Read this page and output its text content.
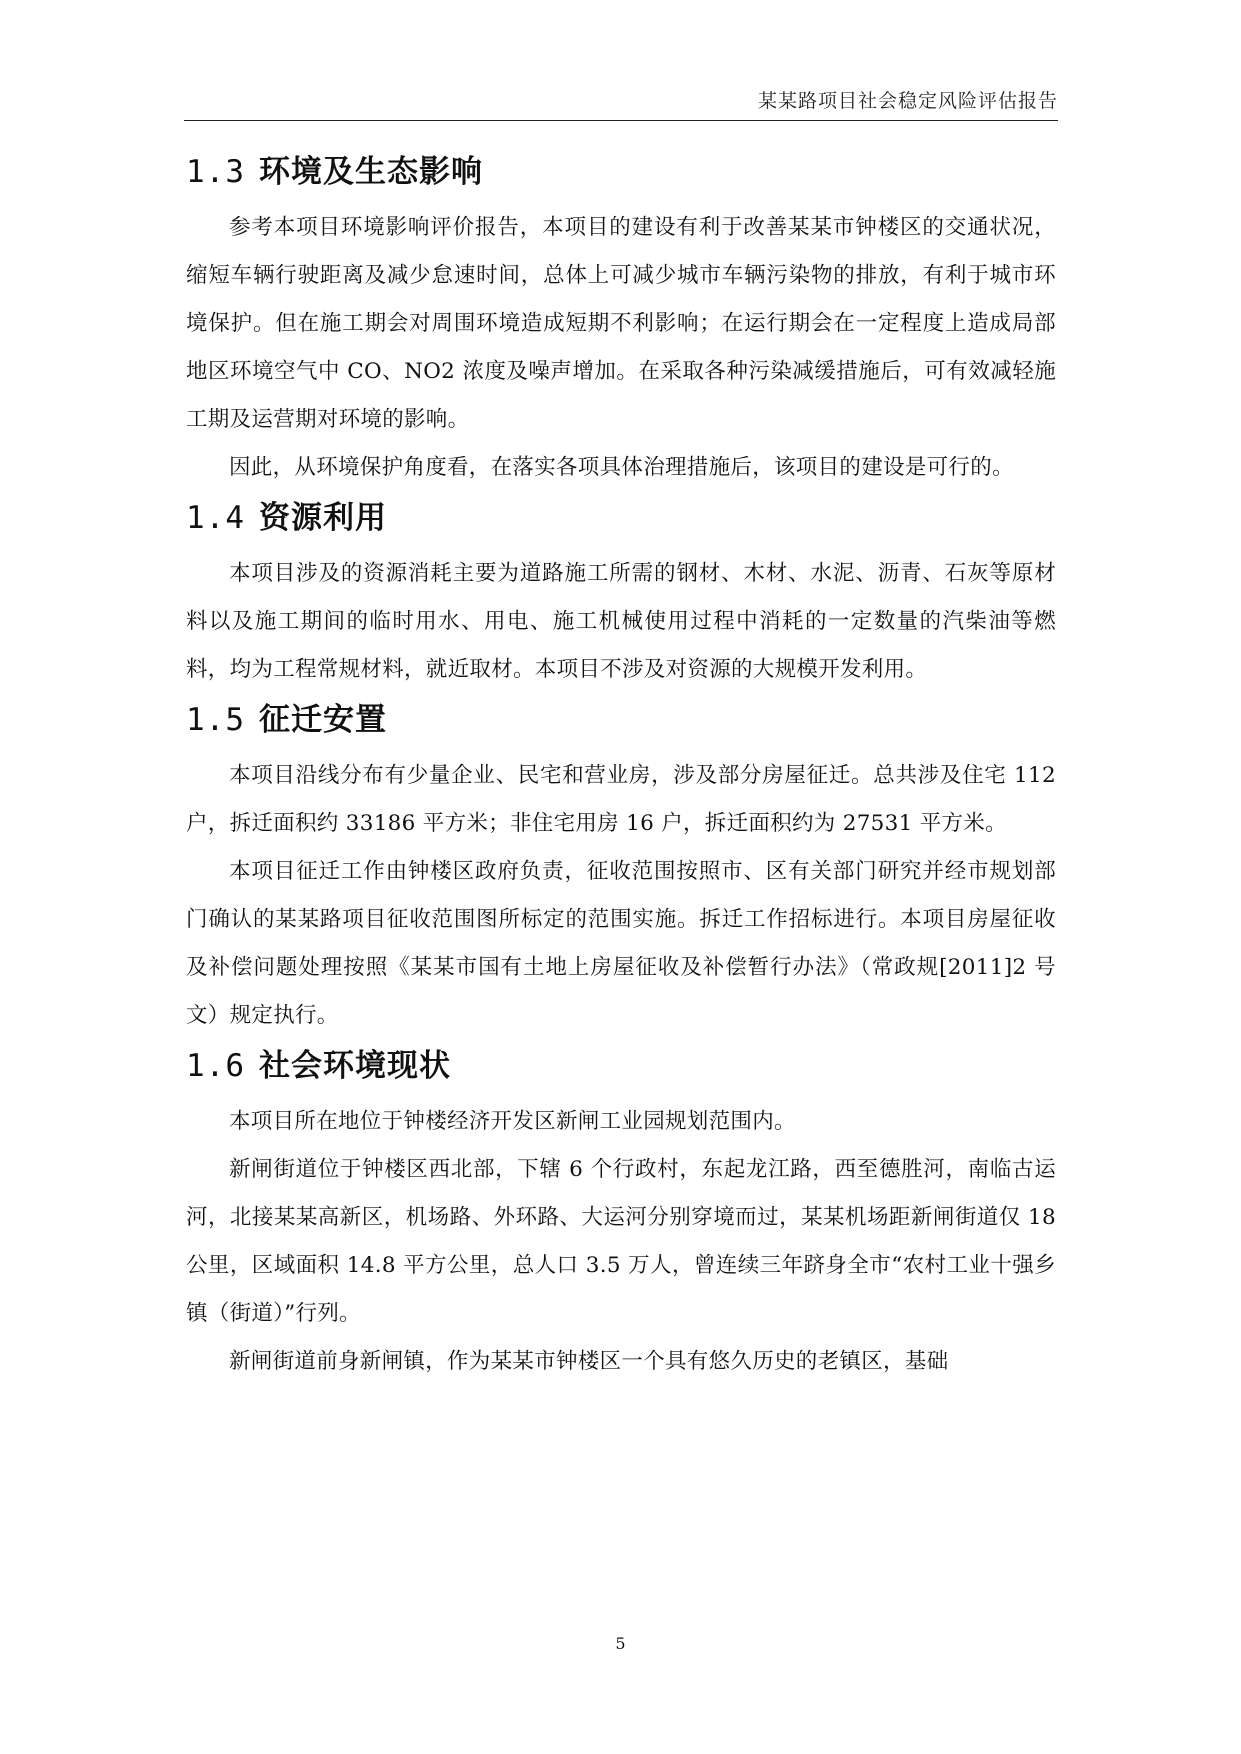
某某路项目社会稳定风险评估报告
1.3 环境及生态影响

参考本项目环境影响评价报告，本项目的建设有利于改善某某市钟楼区的交通状况，缩短车辆行驶距离及减少怠速时间，总体上可减少城市车辆污染物的排放，有利于城市环境保护。但在施工期会对周围环境造成短期不利影响；在运行期会在一定程度上造成局部地区环境空气中 CO、NO2 浓度及噪声增加。在采取各种污染减缓措施后，可有效减轻施工期及运营期对环境的影响。

因此，从环境保护角度看，在落实各项具体治理措施后，该项目的建设是可行的。

1.4 资源利用

本项目涉及的资源消耗主要为道路施工所需的钢材、木材、水泥、沥青、石灰等原材料以及施工期间的临时用水、用电、施工机械使用过程中消耗的一定数量的汽柴油等燃料，均为工程常规材料，就近取材。本项目不涉及对资源的大规模开发利用。

1.5 征迁安置

本项目沿线分布有少量企业、民宅和营业房，涉及部分房屋征迁。总共涉及住宅 112 户，拆迁面积约 33186 平方米；非住宅用房 16 户，拆迁面积约为 27531 平方米。

本项目征迁工作由钟楼区政府负责，征收范围按照市、区有关部门研究并经市规划部门确认的某某路项目征收范围图所标定的范围实施。拆迁工作招标进行。本项目房屋征收及补偿问题处理按照《某某市国有土地上房屋征收及补偿暂行办法》（常政规[2011]2 号文）规定执行。

1.6 社会环境现状

本项目所在地位于钟楼经济开发区新闸工业园规划范围内。

新闸街道位于钟楼区西北部，下辖 6 个行政村，东起龙江路，西至德胜河，南临古运河，北接某某高新区，机场路、外环路、大运河分别穿境而过，某某机场距新闸街道仅 18 公里，区域面积 14.8 平方公里，总人口 3.5 万人，曾连续三年跻身全市“农村工业十强乡镇（街道）”行列。

新闸街道前身新闸镇，作为某某市钟楼区一个具有悠久历史的老镇区，基础

5
